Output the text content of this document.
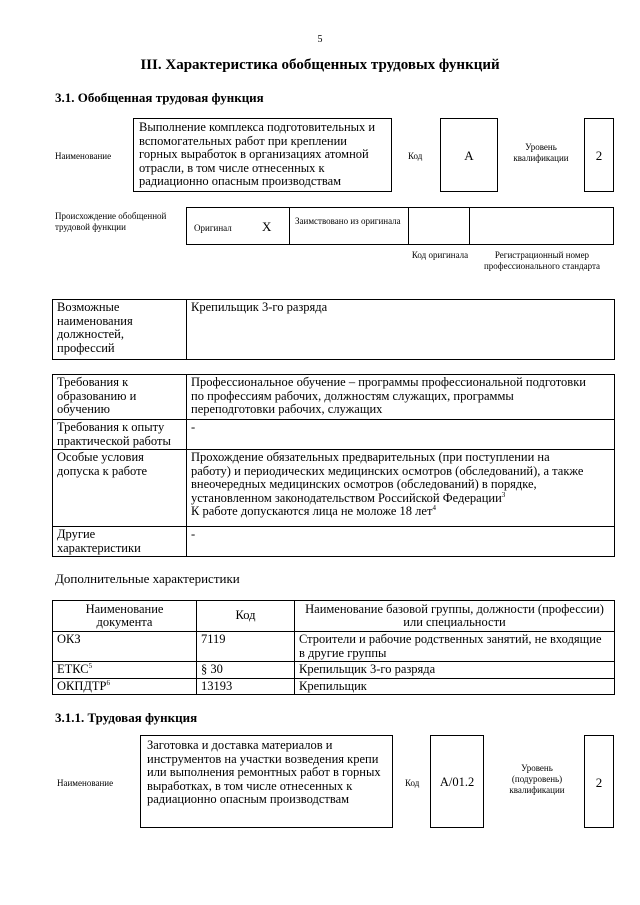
5
III. Характеристика обобщенных трудовых функций
3.1. Обобщенная трудовая функция
Наименование
Выполнение комплекса подготовительных и вспомогательных работ при креплении горных выработок в организациях атомной отрасли, в том числе отнесенных к радиационно опасным производствам
Код	A
Уровень квалификации	2
Происхождение обобщенной трудовой функции	Оригинал X	Заимствовано из оригинала
Код оригинала	Регистрационный номер профессионального стандарта
Возможные наименования должностей, профессий	Крепильщик 3-го разряда
Требования к образованию и обучению	Профессиональное обучение – программы профессиональной подготовки
по профессиям рабочих, должностям служащих, программы
переподготовки рабочих, служащих

Требования к опыту практической работы	-
Особые условия допуска к работе	Прохождение обязательных предварительных (при поступлении на
работу) и периодических медицинских осмотров (обследований), а также
внеочередных медицинских осмотров (обследований) в порядке,
установленном законодательством Российской Федерации$^3$
К работе допускаются лица не моложе 18 лет$^4$

Другие характеристики	-
Дополнительные характеристики
Наименование документа	Код	Наименование базовой группы, должности (профессии) или специальности
ОКЗ	7119	Строители и рабочие родственных занятий, не входящие в другие группы
ЕТКС$^5$	§ 30	Крепильщик 3-го разряда
ОКПДТР$^6$	13193	Крепильщик
3.1.1. Трудовая функция
Наименование
Заготовка и доставка материалов и инструментов на участки возведения крепи или выполнения ремонтных работ в горных выработках, в том числе отнесенных к радиационно опасным производствам
Код	A/01.2
Уровень (подуровень) квалификации	2
